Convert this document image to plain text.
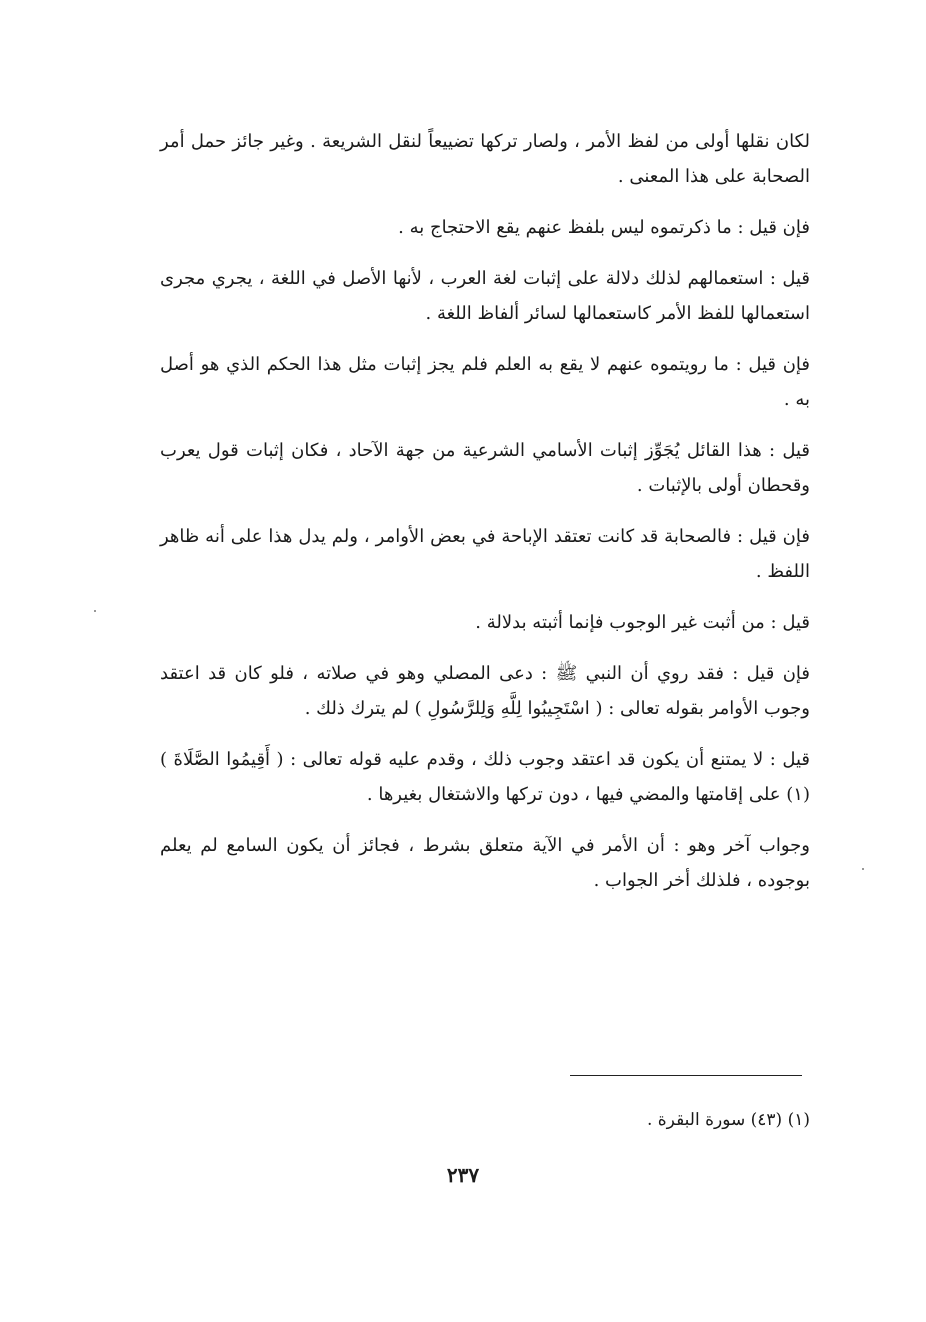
لكان نقلها أولى من لفظ الأمر ، ولصار تركها تضييعاً لنقل الشريعة . وغير جائز حمل أمر الصحابة على هذا المعنى .

فإن قيل : ما ذكرتموه ليس بلفظ عنهم يقع الاحتجاج به .

قيل : استعمالهم لذلك دلالة على إثبات لغة العرب ، لأنها الأصل في اللغة ، يجري مجرى استعمالها للفظ الأمر كاستعمالها لسائر ألفاظ اللغة .

فإن قيل : ما رويتموه عنهم لا يقع به العلم فلم يجز إثبات مثل هذا الحكم الذي هو أصل به .

قيل : هذا القائل يُجَوِّز إثبات الأسامي الشرعية من جهة الآحاد ، فكان إثبات قول يعرب وقحطان أولى بالإثبات .

فإن قيل : فالصحابة قد كانت تعتقد الإباحة في بعض الأوامر ، ولم يدل هذا على أنه ظاهر اللفظ .

قيل : من أثبت غير الوجوب فإنما أثبته بدلالة .

فإن قيل : فقد روي أن النبي ﷺ : دعى المصلي وهو في صلاته ، فلو كان قد اعتقد وجوب الأوامر بقوله تعالى : ( اسْتَجِيبُوا لِلَّهِ وَلِلرَّسُولِ ) لم يترك ذلك .

قيل : لا يمتنع أن يكون قد اعتقد وجوب ذلك ، وقدم عليه قوله تعالى : ( أَقِيمُوا الصَّلَاةَ ) (١) على إقامتها والمضي فيها ، دون تركها والاشتغال بغيرها .

وجواب آخر وهو : أن الأمر في الآية متعلق بشرط ، فجائز أن يكون السامع لم يعلم بوجوده ، فلذلك أخر الجواب .

(١) (٤٣) سورة البقرة .
٢٣٧
